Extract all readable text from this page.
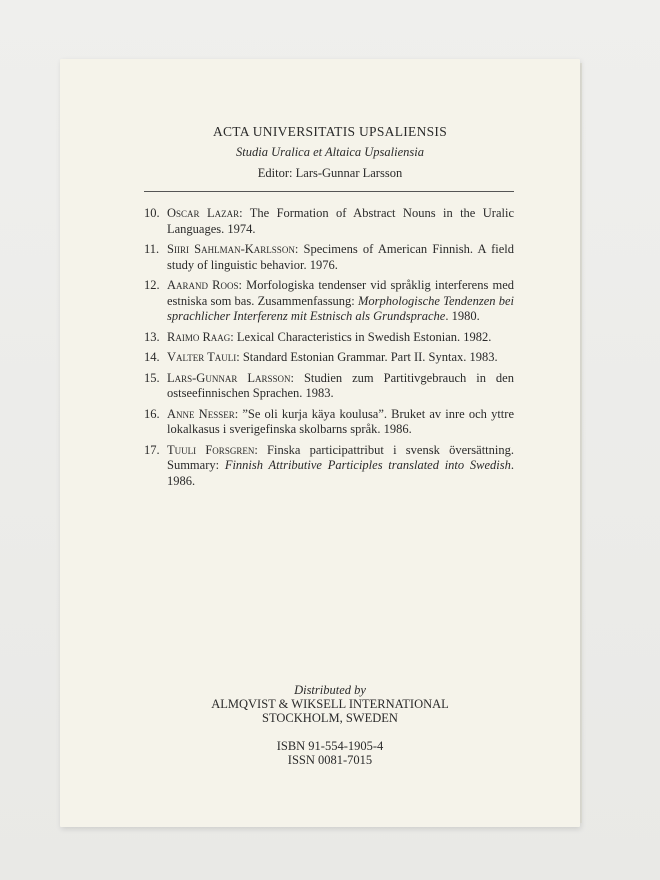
ACTA UNIVERSITATIS UPSALIENSIS
Studia Uralica et Altaica Upsaliensia
Editor: Lars-Gunnar Larsson
10. Oscar Lazar: The Formation of Abstract Nouns in the Uralic Languages. 1974.
11. Siiri Sahlman-Karlsson: Specimens of American Finnish. A field study of linguistic behavior. 1976.
12. Aarand Roos: Morfologiska tendenser vid språklig interferens med estniska som bas. Zusammenfassung: Morphologische Tendenzen bei sprachlicher Interferenz mit Estnisch als Grundsprache. 1980.
13. Raimo Raag: Lexical Characteristics in Swedish Estonian. 1982.
14. Valter Tauli: Standard Estonian Grammar. Part II. Syntax. 1983.
15. Lars-Gunnar Larsson: Studien zum Partitivgebrauch in den ostseefinnischen Sprachen. 1983.
16. Anne Nesser: ”Se oli kurja käya koulusa”. Bruket av inre och yttre lokalkasus i sverigefinska skolbarns språk. 1986.
17. Tuuli Forsgren: Finska participattribut i svensk översättning. Summary: Finnish Attributive Participles translated into Swedish. 1986.
Distributed by
ALMQVIST & WIKSELL INTERNATIONAL
STOCKHOLM, SWEDEN
ISBN 91-554-1905-4
ISSN 0081-7015
